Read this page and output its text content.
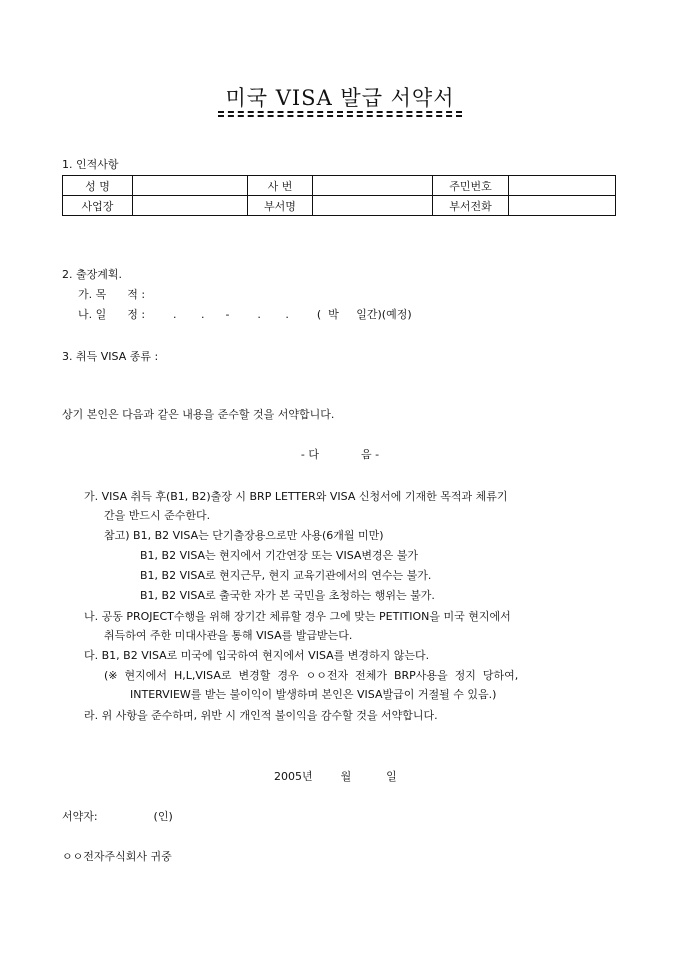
미국 VISA 발급 서약서
1. 인적사항
성 명		사 번		주민번호	
사업장		부서명		부서전화	
2. 출장계획.
가. 목      적 :
나. 일      정 :        .       .      -        .       .        (  박     일간)(예정)
3. 취득 VISA 종류 :
상기 본인은 다음과 같은 내용을 준수할 것을 서약합니다.
- 다            음 -
가. VISA 취득 후(B1, B2)출장 시 BRP LETTER와 VISA 신청서에 기재한 목적과 체류기
간을 반드시 준수한다.
참고) B1, B2 VISA는 단기출장용으로만 사용(6개월 미만)
B1, B2 VISA는 현지에서 기간연장 또는 VISA변경은 불가
B1, B2 VISA로 현지근무, 현지 교육기관에서의 연수는 불가.
B1, B2 VISA로 출국한 자가 본 국민을 초청하는 행위는 불가.
나. 공동 PROJECT수행을 위해 장기간 체류할 경우 그에 맞는 PETITION을 미국 현지에서
취득하여 주한 미대사관을 통해 VISA를 발급받는다.
다. B1, B2 VISA로 미국에 입국하여 현지에서 VISA를 변경하지 않는다.
(※  현지에서  H,L,VISA로  변경할  경우  ㅇㅇ전자  전체가  BRP사용을  정지  당하여,
INTERVIEW를 받는 불이익이 발생하며 본인은 VISA발급이 거절될 수 있음.)
라. 위 사항을 준수하며, 위반 시 개인적 불이익을 감수할 것을 서약합니다.
2005년        월          일
서약자:                (인)
ㅇㅇ전자주식회사 귀중
